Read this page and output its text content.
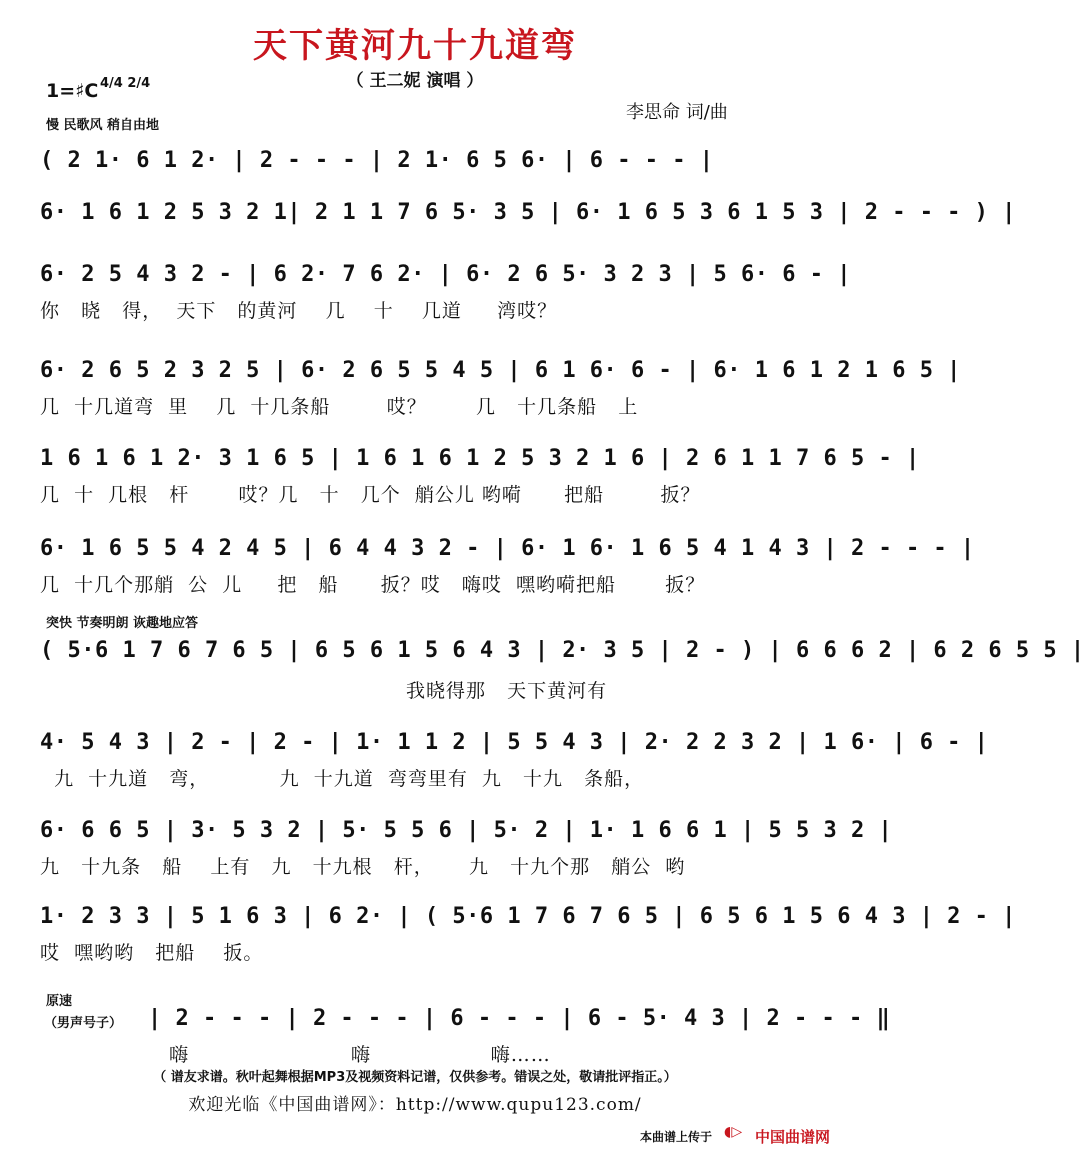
天下黄河九十九道弯
（ 王二妮 演唱 ）
1=♯C 4/4 2/4
慢 民歌风 稍自由地
李思命 词/曲
( 2 1· 6 1 2· | 2 - - - | 2 1· 6 5 6· | 6 - - - |
6· 1 6 1 2 5 3 2 1| 2 1 1 7 6 5· 3 5 | 6· 1 6 5 3 6 1 5 3 | 2 - - - ) |
6· 2 5 4 3 2 - | 6 2· 7 6 2· | 6· 2 6 5· 3 2 3 | 5 6· 6 - |
你   晓   得，  天下   的黄河    几    十    几道     湾哎？
6· 2 6 5 2 3 2 5 | 6· 2 6 5 5 4 5 | 6 1 6· 6 - | 6· 1 6 1 2 1 6 5 |
几  十几道弯  里    几  十几条船        哎？       几   十几条船   上
1 6 1 6 1 2· 3 1 6 5 | 1 6 1 6 1 2 5 3 2 1 6 | 2 6 1 1 7 6 5 - |
几  十  几根   杆       哎？几   十   几个  艄公儿 哟嗬      把船        扳？
6· 1 6 5 5 4 2 4 5 | 6 4 4 3 2 - | 6· 1 6· 1 6 5 4 1 4 3 | 2 - - - |
几  十几个那艄  公  儿     把   船      扳？哎   嗨哎  嘿哟嗬把船       扳？
突快 节奏明朗 诙趣地应答
( 5·6 1 7 6 7 6 5 | 6 5 6 1 5 6 4 3 | 2· 3 5 | 2 - ) | 6 6 6 2 | 6 2 6 5 5 |
我晓得那   天下黄河有
4· 5 4 3 | 2 - | 2 - | 1· 1 1 2 | 5 5 4 3 | 2· 2 2 3 2 | 1 6· | 6 - |
九  十九道   弯，          九  十九道  弯弯里有  九   十九   条船，
6· 6 6 5 | 3· 5 3 2 | 5· 5 5 6 | 5· 2 | 1· 1 6 6 1 | 5 5 3 2 |
九   十九条   船    上有   九   十九根   杆，     九   十九个那   艄公  哟
1· 2 3 3 | 5 1 6 3 | 6 2· | ( 5·6 1 7 6 7 6 5 | 6 5 6 1 5 6 4 3 | 2 - |
哎  嘿哟哟   把船    扳。
原速
（男声号子） | 2 - - - | 2 - - - | 6 - - - | 6 - 5· 4 3 | 2 - - - ‖
嗨                       嗨                 嗨……
（ 谱友求谱。秋叶起舞根据MP3及视频资料记谱，仅供参考。错误之处，敬请批评指正。）
欢迎光临《中国曲谱网》：http://www.qupu123.com/
本曲谱上传于 ◖▷ 中国曲谱网
